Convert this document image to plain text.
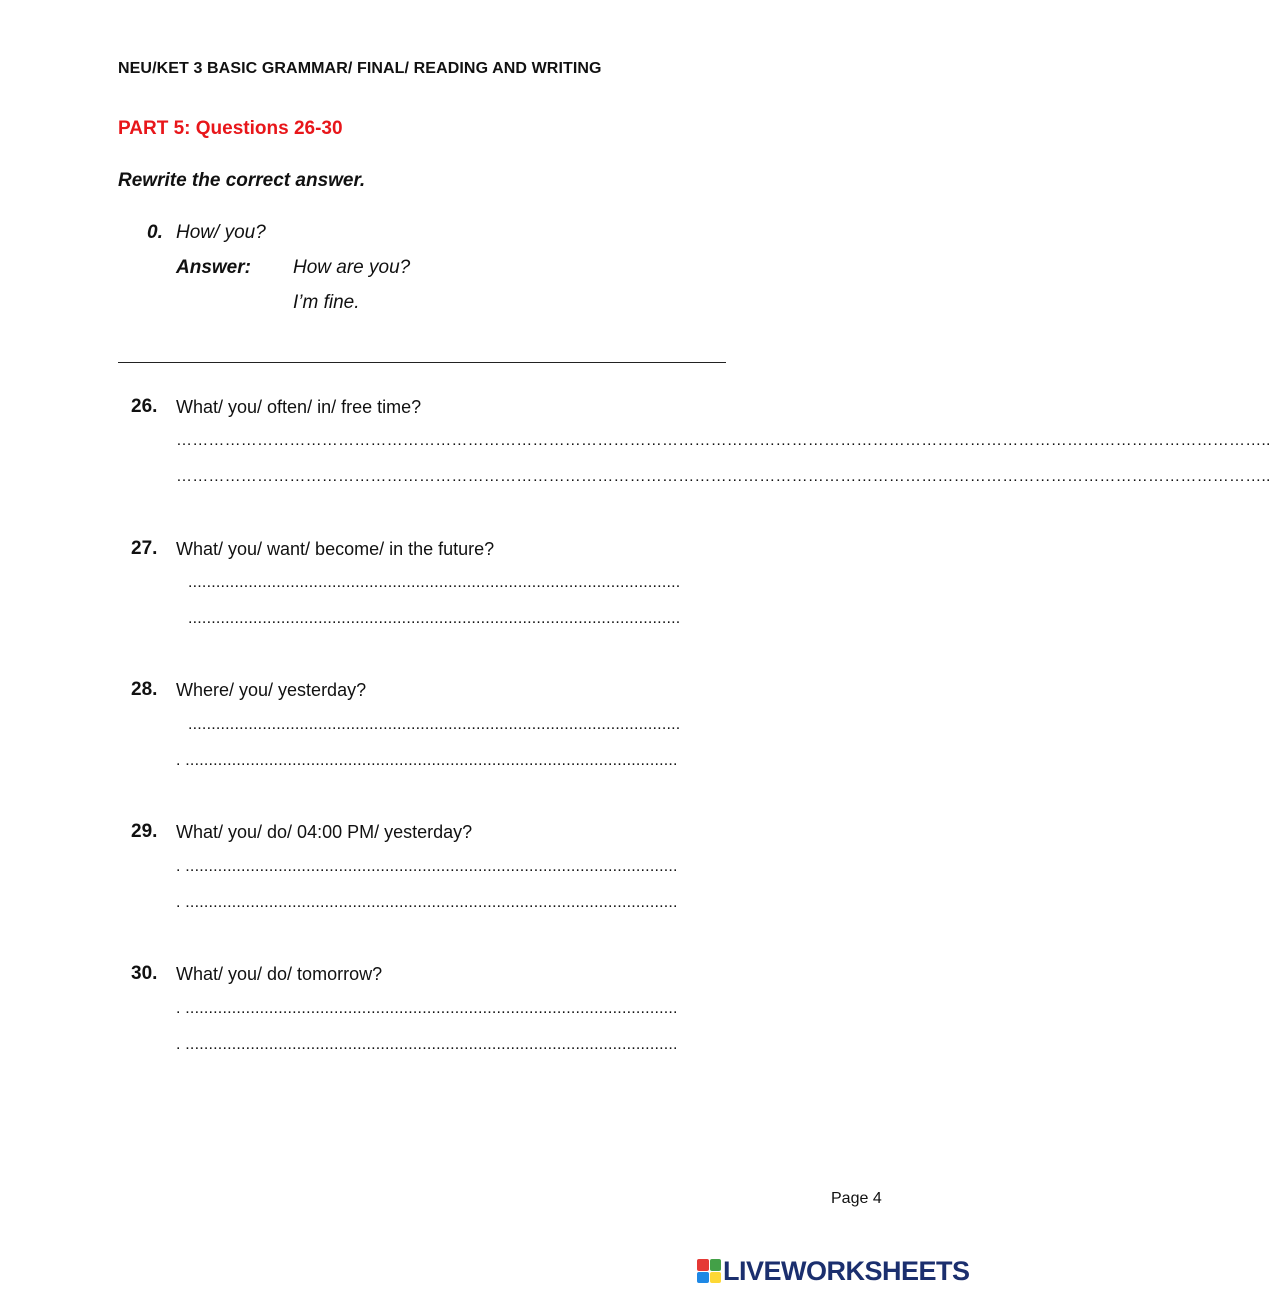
NEU/KET 3 BASIC GRAMMAR/ FINAL/ READING AND WRITING
PART 5: Questions 26-30
Rewrite the correct answer.
0. How/ you?
Answer: How are you?
I’m fine.
26. What/ you/ often/ in/ free time?
…………………………………………………………………………………………………………………………………………………………………………………..
…………………………………………………………………………………………………………………………………………………………………………………..
27. What/ you/ want/ become/ in the future?
..........................................................................................................
..........................................................................................................
28. Where/ you/ yesterday?
..........................................................................................................
. ..........................................................................................................
29. What/ you/ do/ 04:00 PM/ yesterday?
. ..........................................................................................................
. ..........................................................................................................
30. What/ you/ do/ tomorrow?
. ..........................................................................................................
. ..........................................................................................................
Page 4
LIVEWORKSHEETS
